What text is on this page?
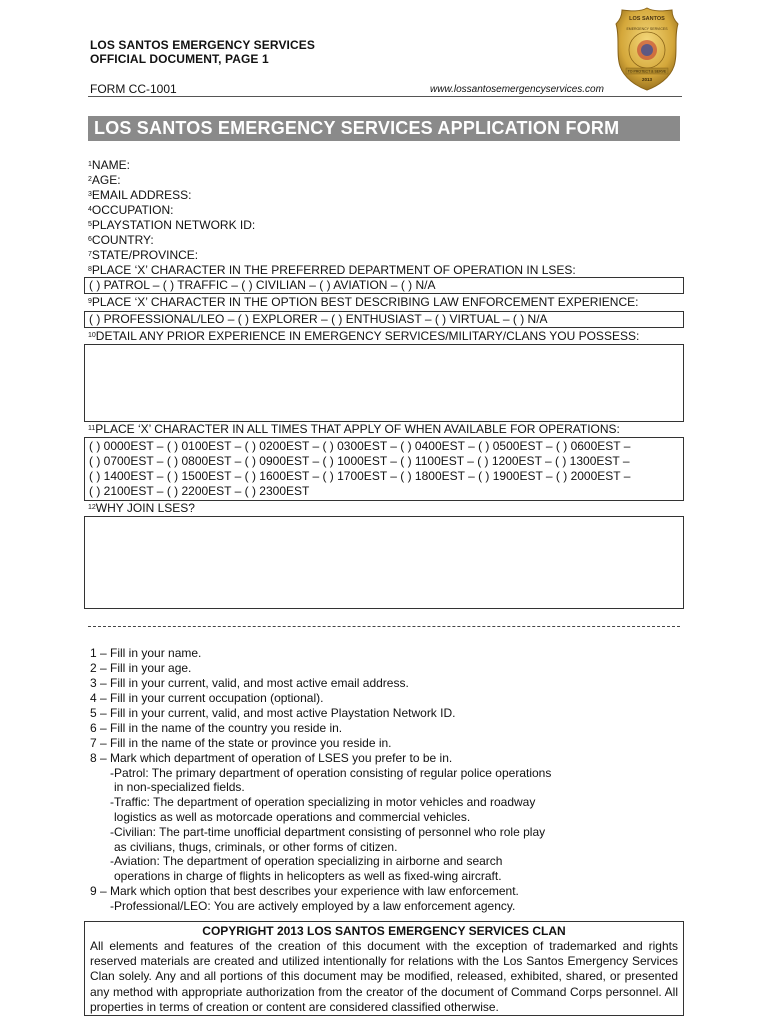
LOS SANTOS EMERGENCY SERVICES
OFFICIAL DOCUMENT, PAGE 1
FORM CC-1001	www.lossantosemergencyservices.com
LOS SANTOS
EMERGENCY SERVICES
TO PROTECT & SERVE
2013
LOS SANTOS EMERGENCY SERVICES APPLICATION FORM
$^1$NAME:
$^2$AGE:
$^3$EMAIL ADDRESS:
$^4$OCCUPATION:
$^5$PLAYSTATION NETWORK ID:
$^6$COUNTRY:
$^7$STATE/PROVINCE:
$^8$PLACE ‘X’ CHARACTER IN THE PREFERRED DEPARTMENT OF OPERATION IN LSES:
( ) PATROL – ( ) TRAFFIC – ( ) CIVILIAN – ( ) AVIATION – ( ) N/A
$^9$PLACE ‘X’ CHARACTER IN THE OPTION BEST DESCRIBING LAW ENFORCEMENT EXPERIENCE:
( ) PROFESSIONAL/LEO – ( ) EXPLORER – ( ) ENTHUSIAST – ( ) VIRTUAL – ( ) N/A
$^{10}$DETAIL ANY PRIOR EXPERIENCE IN EMERGENCY SERVICES/MILITARY/CLANS YOU POSSESS:
$^{11}$PLACE ‘X’ CHARACTER IN ALL TIMES THAT APPLY OF WHEN AVAILABLE FOR OPERATIONS:
( ) 0000EST – ( ) 0100EST – ( ) 0200EST – ( ) 0300EST – ( ) 0400EST – ( ) 0500EST – ( ) 0600EST –
( ) 0700EST – ( ) 0800EST – ( ) 0900EST – ( ) 1000EST – ( ) 1100EST – ( ) 1200EST – ( ) 1300EST –
( ) 1400EST – ( ) 1500EST – ( ) 1600EST – ( ) 1700EST – ( ) 1800EST – ( ) 1900EST – ( ) 2000EST –
( ) 2100EST – ( ) 2200EST – ( ) 2300EST
$^{12}$WHY JOIN LSES?
1 – Fill in your name.
2 – Fill in your age.
3 – Fill in your current, valid, and most active email address.
4 – Fill in your current occupation (optional).
5 – Fill in your current, valid, and most active Playstation Network ID.
6 – Fill in the name of the country you reside in.
7 – Fill in the name of the state or province you reside in.
8 – Mark which department of operation of LSES you prefer to be in.
-Patrol: The primary department of operation consisting of regular police operations
in non-specialized fields.
-Traffic: The department of operation specializing in motor vehicles and roadway
logistics as well as motorcade operations and commercial vehicles.
-Civilian: The part-time unofficial department consisting of personnel who role play
as civilians, thugs, criminals, or other forms of citizen.
-Aviation: The department of operation specializing in airborne and search
operations in charge of flights in helicopters as well as fixed-wing aircraft.
9 – Mark which option that best describes your experience with law enforcement.
-Professional/LEO: You are actively employed by a law enforcement agency.
COPYRIGHT 2013 LOS SANTOS EMERGENCY SERVICES CLAN
All elements and features of the creation of this document with the exception of trademarked and rights reserved materials are created and utilized intentionally for relations with the Los Santos Emergency Services Clan solely. Any and all portions of this document may be modified, released, exhibited, shared, or presented any method with appropriate authorization from the creator of the document of Command Corps personnel. All properties in terms of creation or content are considered classified otherwise.
